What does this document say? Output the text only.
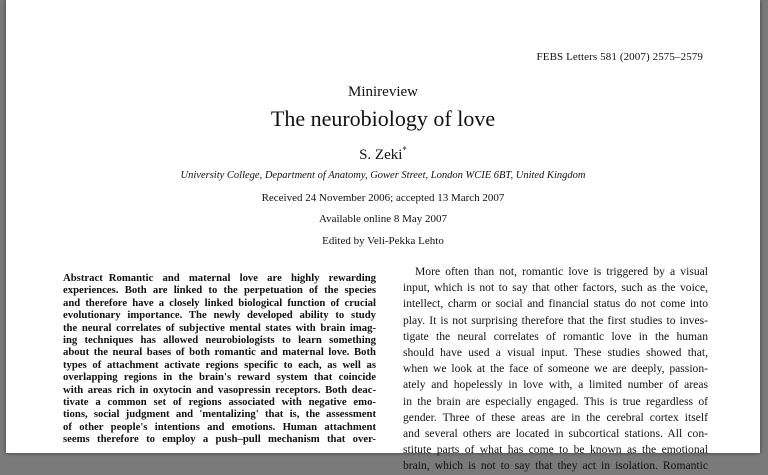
FEBS Letters 581 (2007) 2575–2579
Minireview
The neurobiology of love
S. Zeki*
University College, Department of Anatomy, Gower Street, London WCIE 6BT, United Kingdom
Received 24 November 2006; accepted 13 March 2007
Available online 8 May 2007
Edited by Veli-Pekka Lehto
Abstract Romantic and maternal love are highly rewarding
experiences. Both are linked to the perpetuation of the species
and therefore have a closely linked biological function of crucial
evolutionary importance. The newly developed ability to study
the neural correlates of subjective mental states with brain imag-
ing techniques has allowed neurobiologists to learn something
about the neural bases of both romantic and maternal love. Both
types of attachment activate regions specific to each, as well as
overlapping regions in the brain's reward system that coincide
with areas rich in oxytocin and vasopressin receptors. Both deac-
tivate a common set of regions associated with negative emo-
tions, social judgment and 'mentalizing' that is, the assessment
of other people's intentions and emotions. Human attachment
seems therefore to employ a push–pull mechanism that over-
More often than not, romantic love is triggered by a visual
input, which is not to say that other factors, such as the voice,
intellect, charm or social and financial status do not come into
play. It is not surprising therefore that the first studies to inves-
tigate the neural correlates of romantic love in the human
should have used a visual input. These studies showed that,
when we look at the face of someone we are deeply, passion-
ately and hopelessly in love with, a limited number of areas
in the brain are especially engaged. This is true regardless of
gender. Three of these areas are in the cerebral cortex itself
and several others are located in subcortical stations. All con-
stitute parts of what has come to be known as the emotional
brain, which is not to say that they act in isolation. Romantic
